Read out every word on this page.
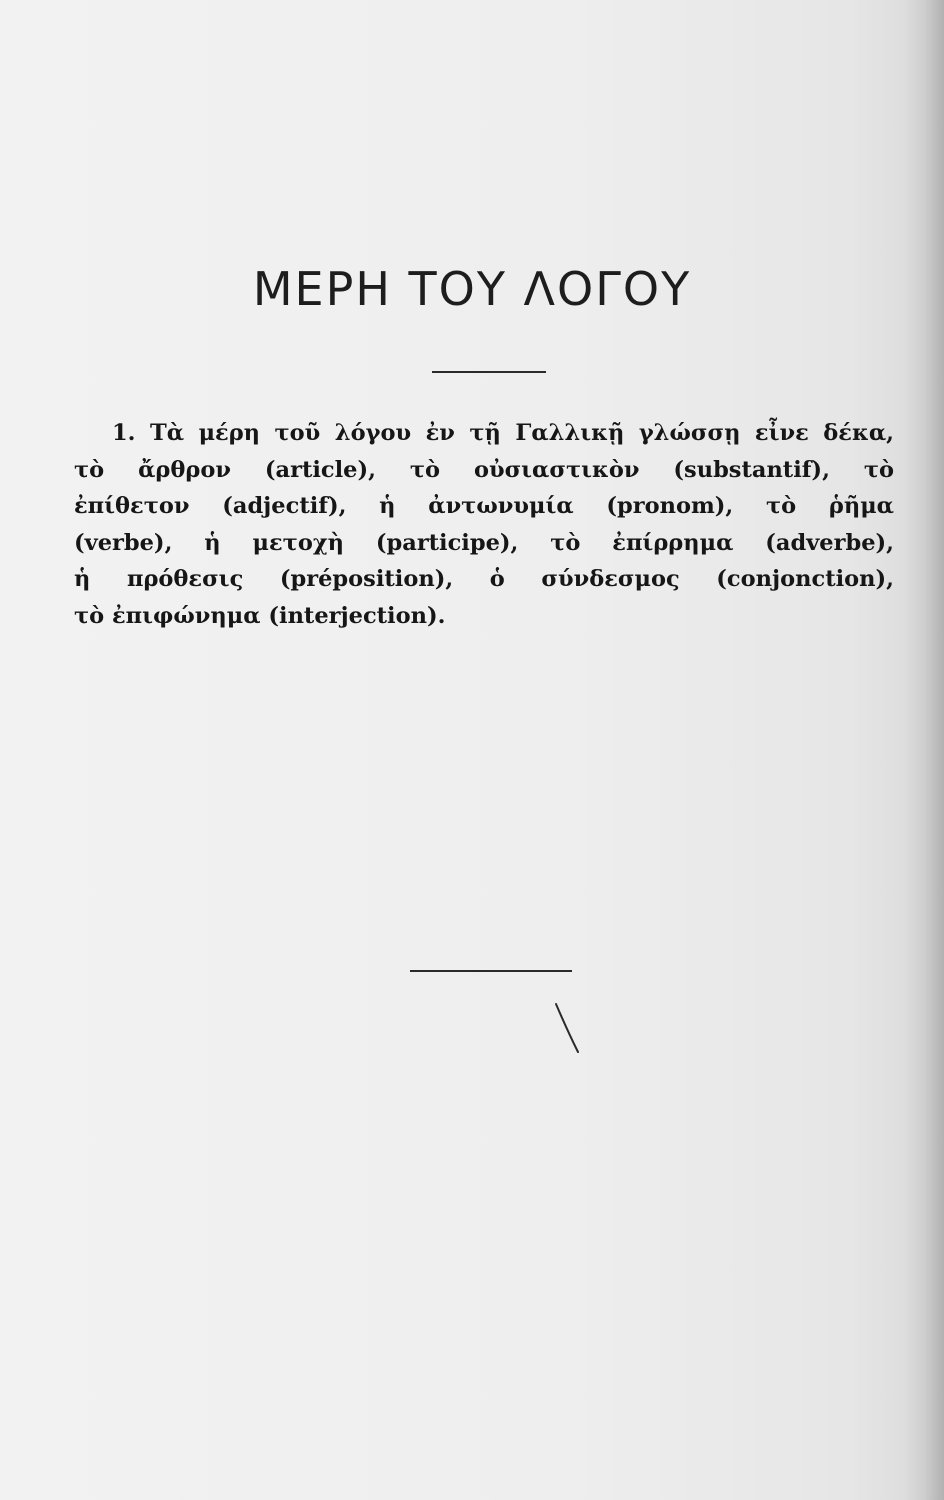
ΜΕΡΗ ΤΟΥ ΛΟΓΟΥ
1. Τὰ μέρη τοῦ λόγου ἐν τῇ Γαλλικῇ γλώσσῃ εἶνε δέκα,
τὸ ἄρθρον (article), τὸ οὐσιαστικὸν (substantif), τὸ
ἐπίθετον (adjectif), ἡ ἀντωνυμία (pronom), τὸ ῥῆμα
(verbe), ἡ μετοχὴ (participe), τὸ ἐπίρρημα (adverbe),
ἡ πρόθεσις (préposition), ὁ σύνδεσμος (conjonction),
τὸ ἐπιφώνημα (interjection).
